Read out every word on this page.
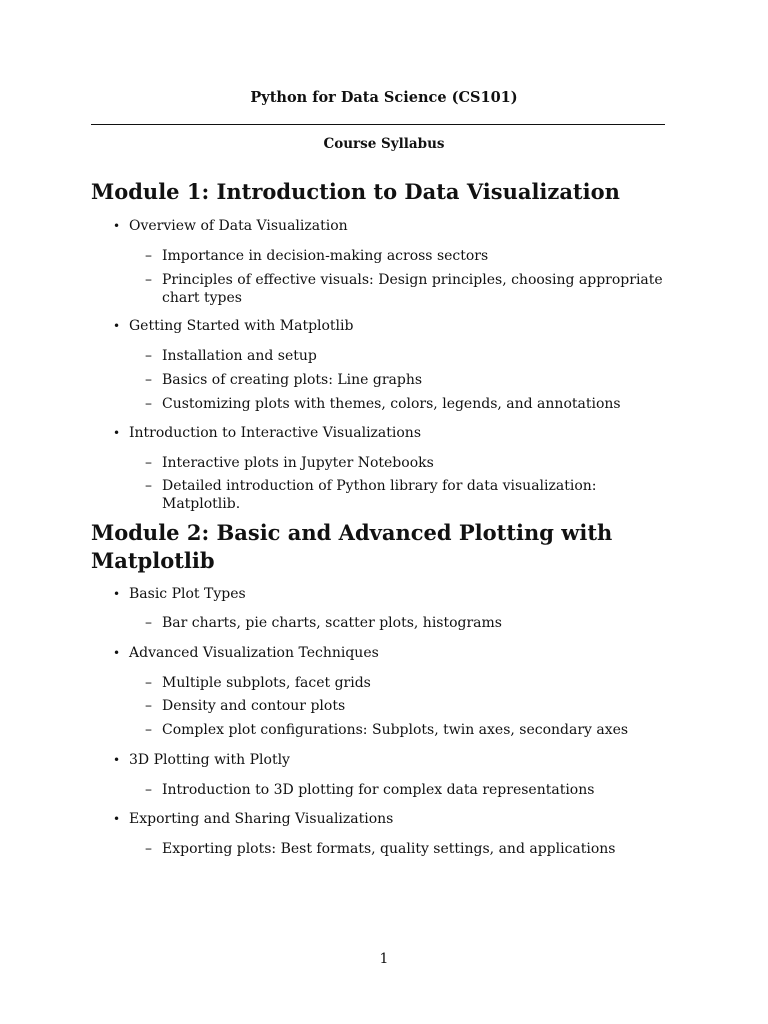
Python for Data Science (CS101)
Course Syllabus
Module 1: Introduction to Data Visualization
• Overview of Data Visualization
– Importance in decision-making across sectors
– Principles of effective visuals: Design principles, choosing appropriate chart types
• Getting Started with Matplotlib
– Installation and setup
– Basics of creating plots: Line graphs
– Customizing plots with themes, colors, legends, and annotations
• Introduction to Interactive Visualizations
– Interactive plots in Jupyter Notebooks
– Detailed introduction of Python library for data visualization: Matplotlib.
Module 2: Basic and Advanced Plotting with Matplotlib
• Basic Plot Types
– Bar charts, pie charts, scatter plots, histograms
• Advanced Visualization Techniques
– Multiple subplots, facet grids
– Density and contour plots
– Complex plot configurations: Subplots, twin axes, secondary axes
• 3D Plotting with Plotly
– Introduction to 3D plotting for complex data representations
• Exporting and Sharing Visualizations
– Exporting plots: Best formats, quality settings, and applications
1
